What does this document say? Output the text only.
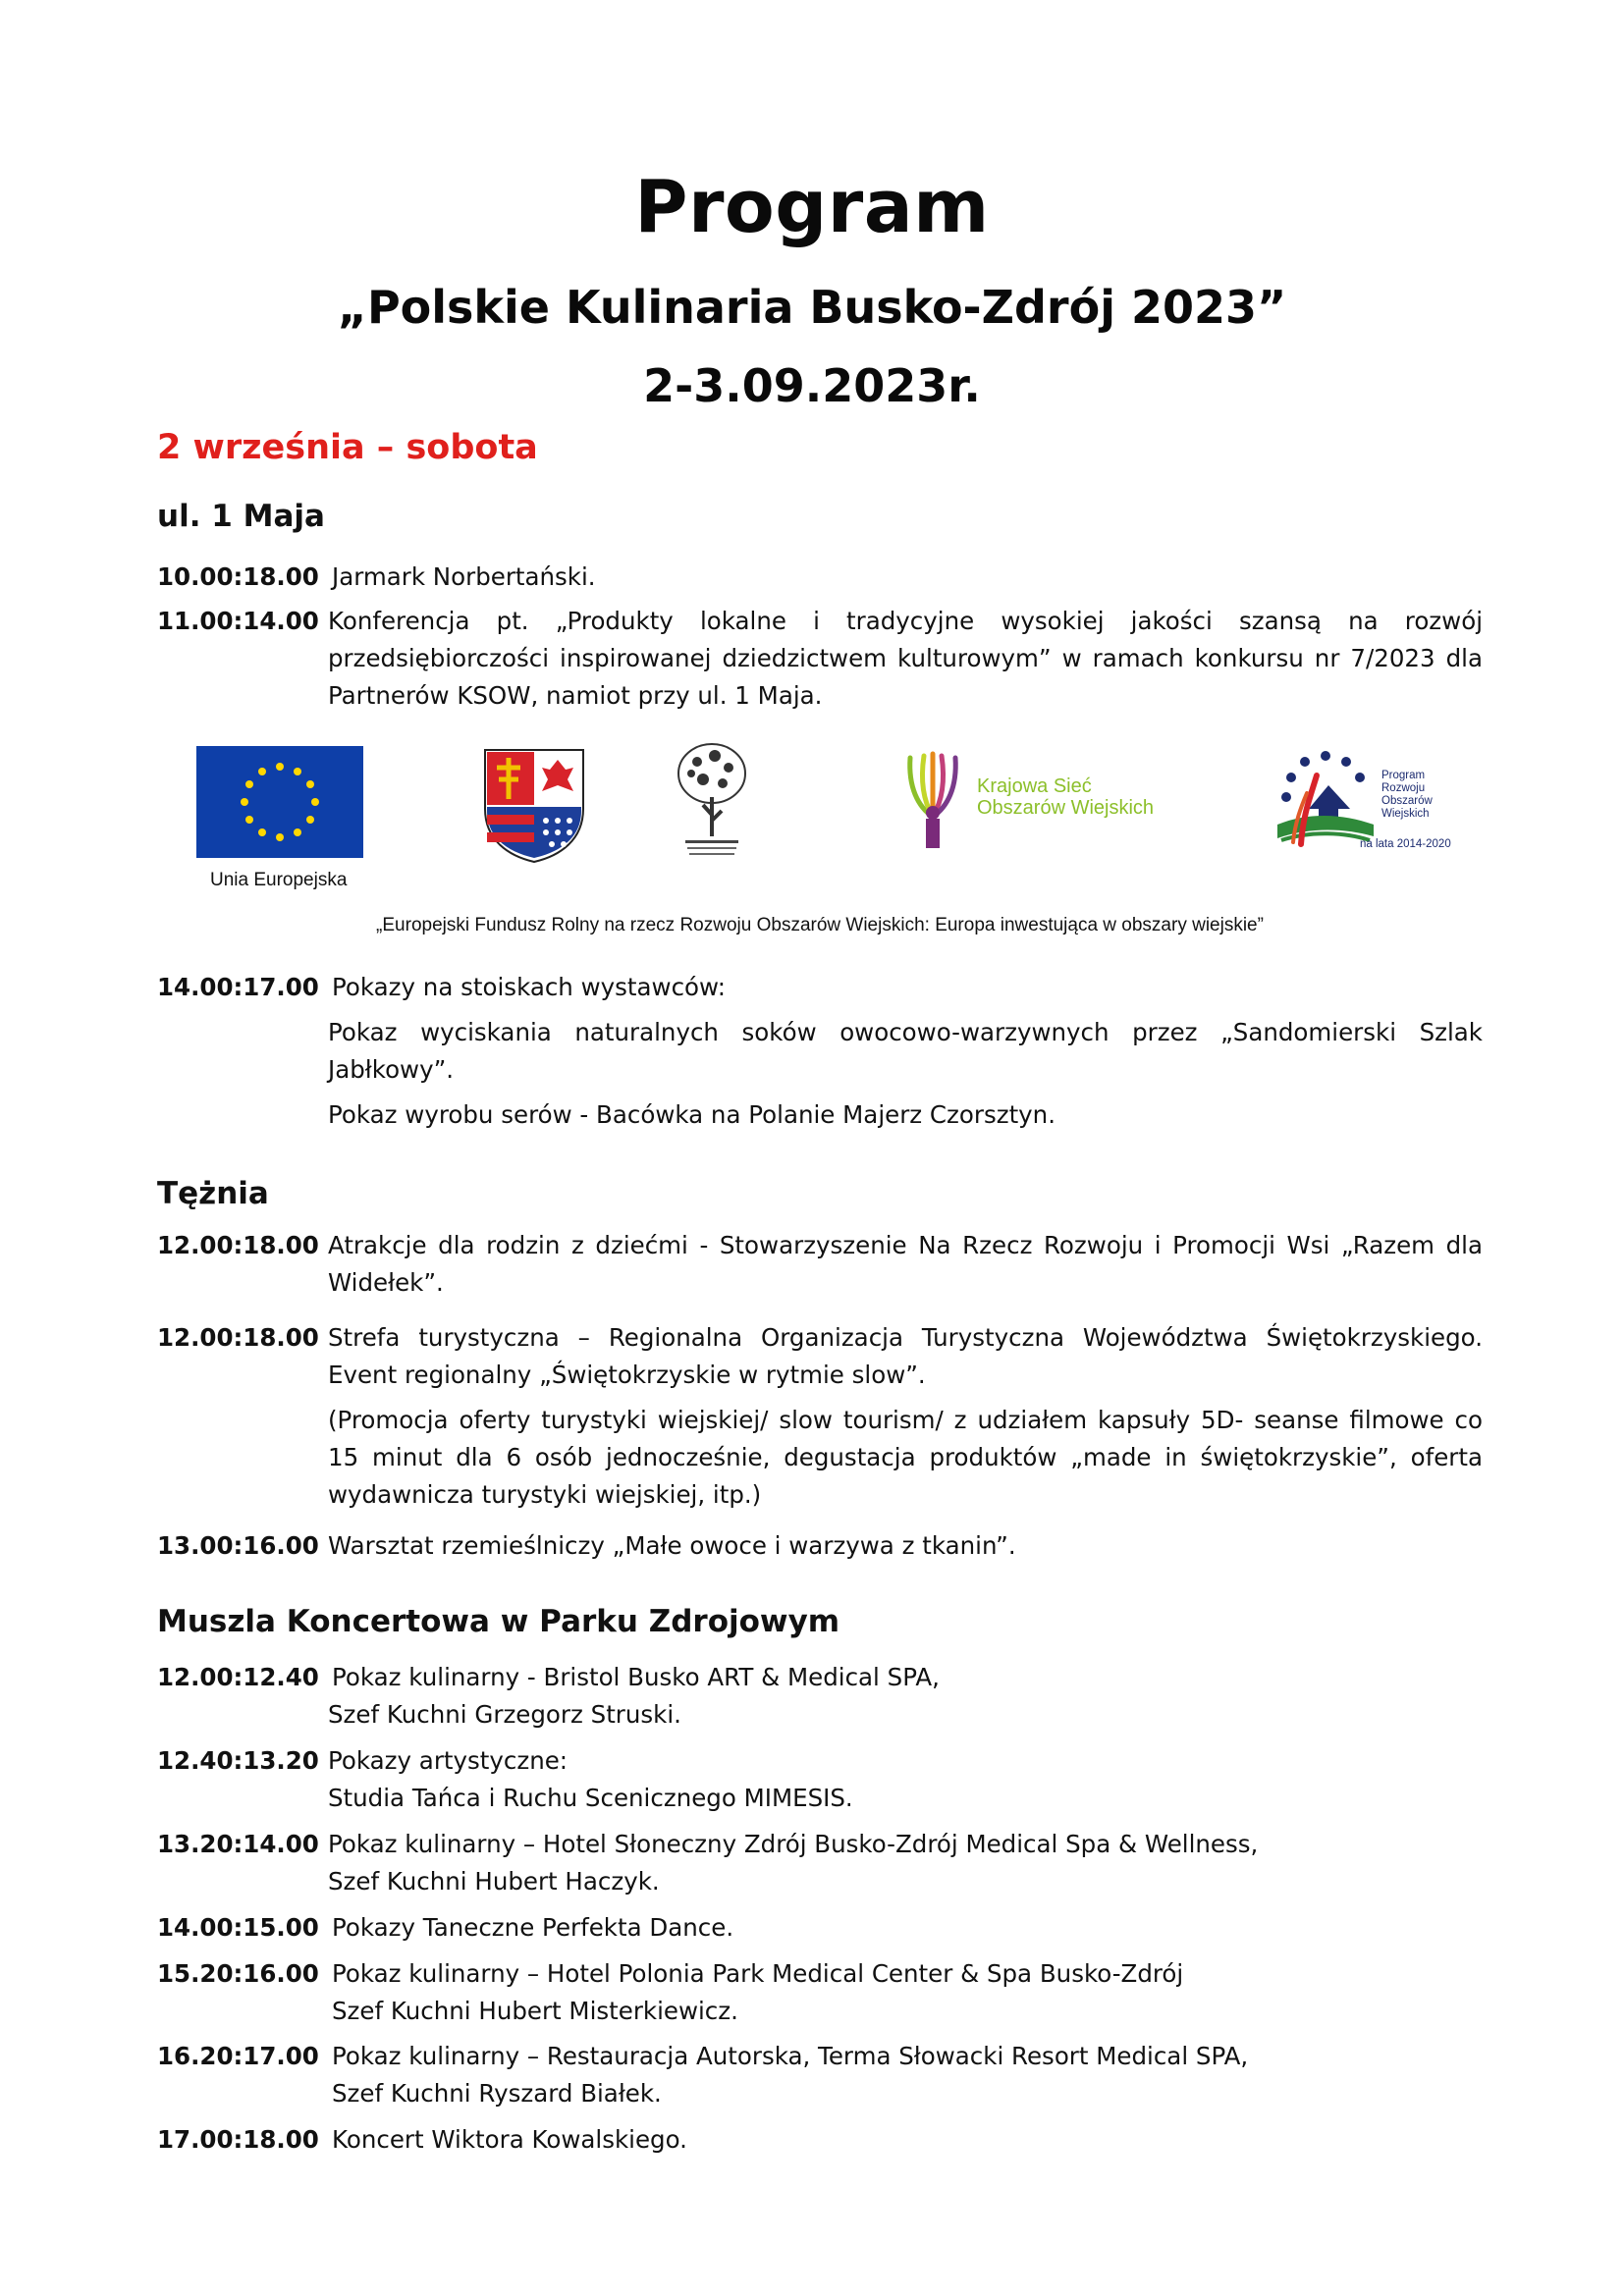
Program
„Polskie Kulinaria Busko-Zdrój 2023”
2-3.09.2023r.
2 września – sobota
ul. 1 Maja
10.00:18.00 Jarmark Norbertański.

11.00:14.00 Konferencja pt. „Produkty lokalne i tradycyjne wysokiej jakości szansą na rozwój przedsiębiorczości inspirowanej dziedzictwem kulturowym” w ramach konkursu nr 7/2023 dla Partnerów KSOW, namiot przy ul. 1 Maja.

Unia Europejska
Krajowa Sieć
Obszarów Wiejskich
Program
Rozwoju
Obszarów
Wiejskich
na lata 2014-2020
„Europejski Fundusz Rolny na rzecz Rozwoju Obszarów Wiejskich: Europa inwestująca w obszary wiejskie”
14.00:17.00 Pokazy na stoiskach wystawców:

Pokaz wyciskania naturalnych soków owocowo-warzywnych przez „Sandomierski Szlak Jabłkowy”.

Pokaz wyrobu serów - Bacówka na Polanie Majerz Czorsztyn.

Tężnia
12.00:18.00 Atrakcje dla rodzin z dziećmi - Stowarzyszenie Na Rzecz Rozwoju i Promocji Wsi „Razem dla Widełek”.

12.00:18.00 Strefa turystyczna – Regionalna Organizacja Turystyczna Województwa Świętokrzyskiego. Event regionalny „Świętokrzyskie w rytmie slow”.

(Promocja oferty turystyki wiejskiej/ slow tourism/ z udziałem kapsuły 5D- seanse filmowe co 15 minut dla 6 osób jednocześnie, degustacja produktów „made in świętokrzyskie”, oferta wydawnicza turystyki wiejskiej, itp.)

13.00:16.00 Warsztat rzemieślniczy „Małe owoce i warzywa z tkanin”.

Muszla Koncertowa w Parku Zdrojowym
12.00:12.40 Pokaz kulinarny - Bristol Busko ART & Medical SPA,

Szef Kuchni Grzegorz Struski.

12.40:13.20 Pokazy artystyczne:

Studia Tańca i Ruchu Scenicznego MIMESIS.

13.20:14.00 Pokaz kulinarny – Hotel Słoneczny Zdrój Busko-Zdrój Medical Spa & Wellness,

Szef Kuchni Hubert Haczyk.

14.00:15.00 Pokazy Taneczne Perfekta Dance.

15.20:16.00 Pokaz kulinarny – Hotel Polonia Park Medical Center & Spa Busko-Zdrój

Szef Kuchni Hubert Misterkiewicz.

16.20:17.00 Pokaz kulinarny – Restauracja Autorska, Terma Słowacki Resort Medical SPA,

Szef Kuchni Ryszard Białek.

17.00:18.00 Koncert Wiktora Kowalskiego.
